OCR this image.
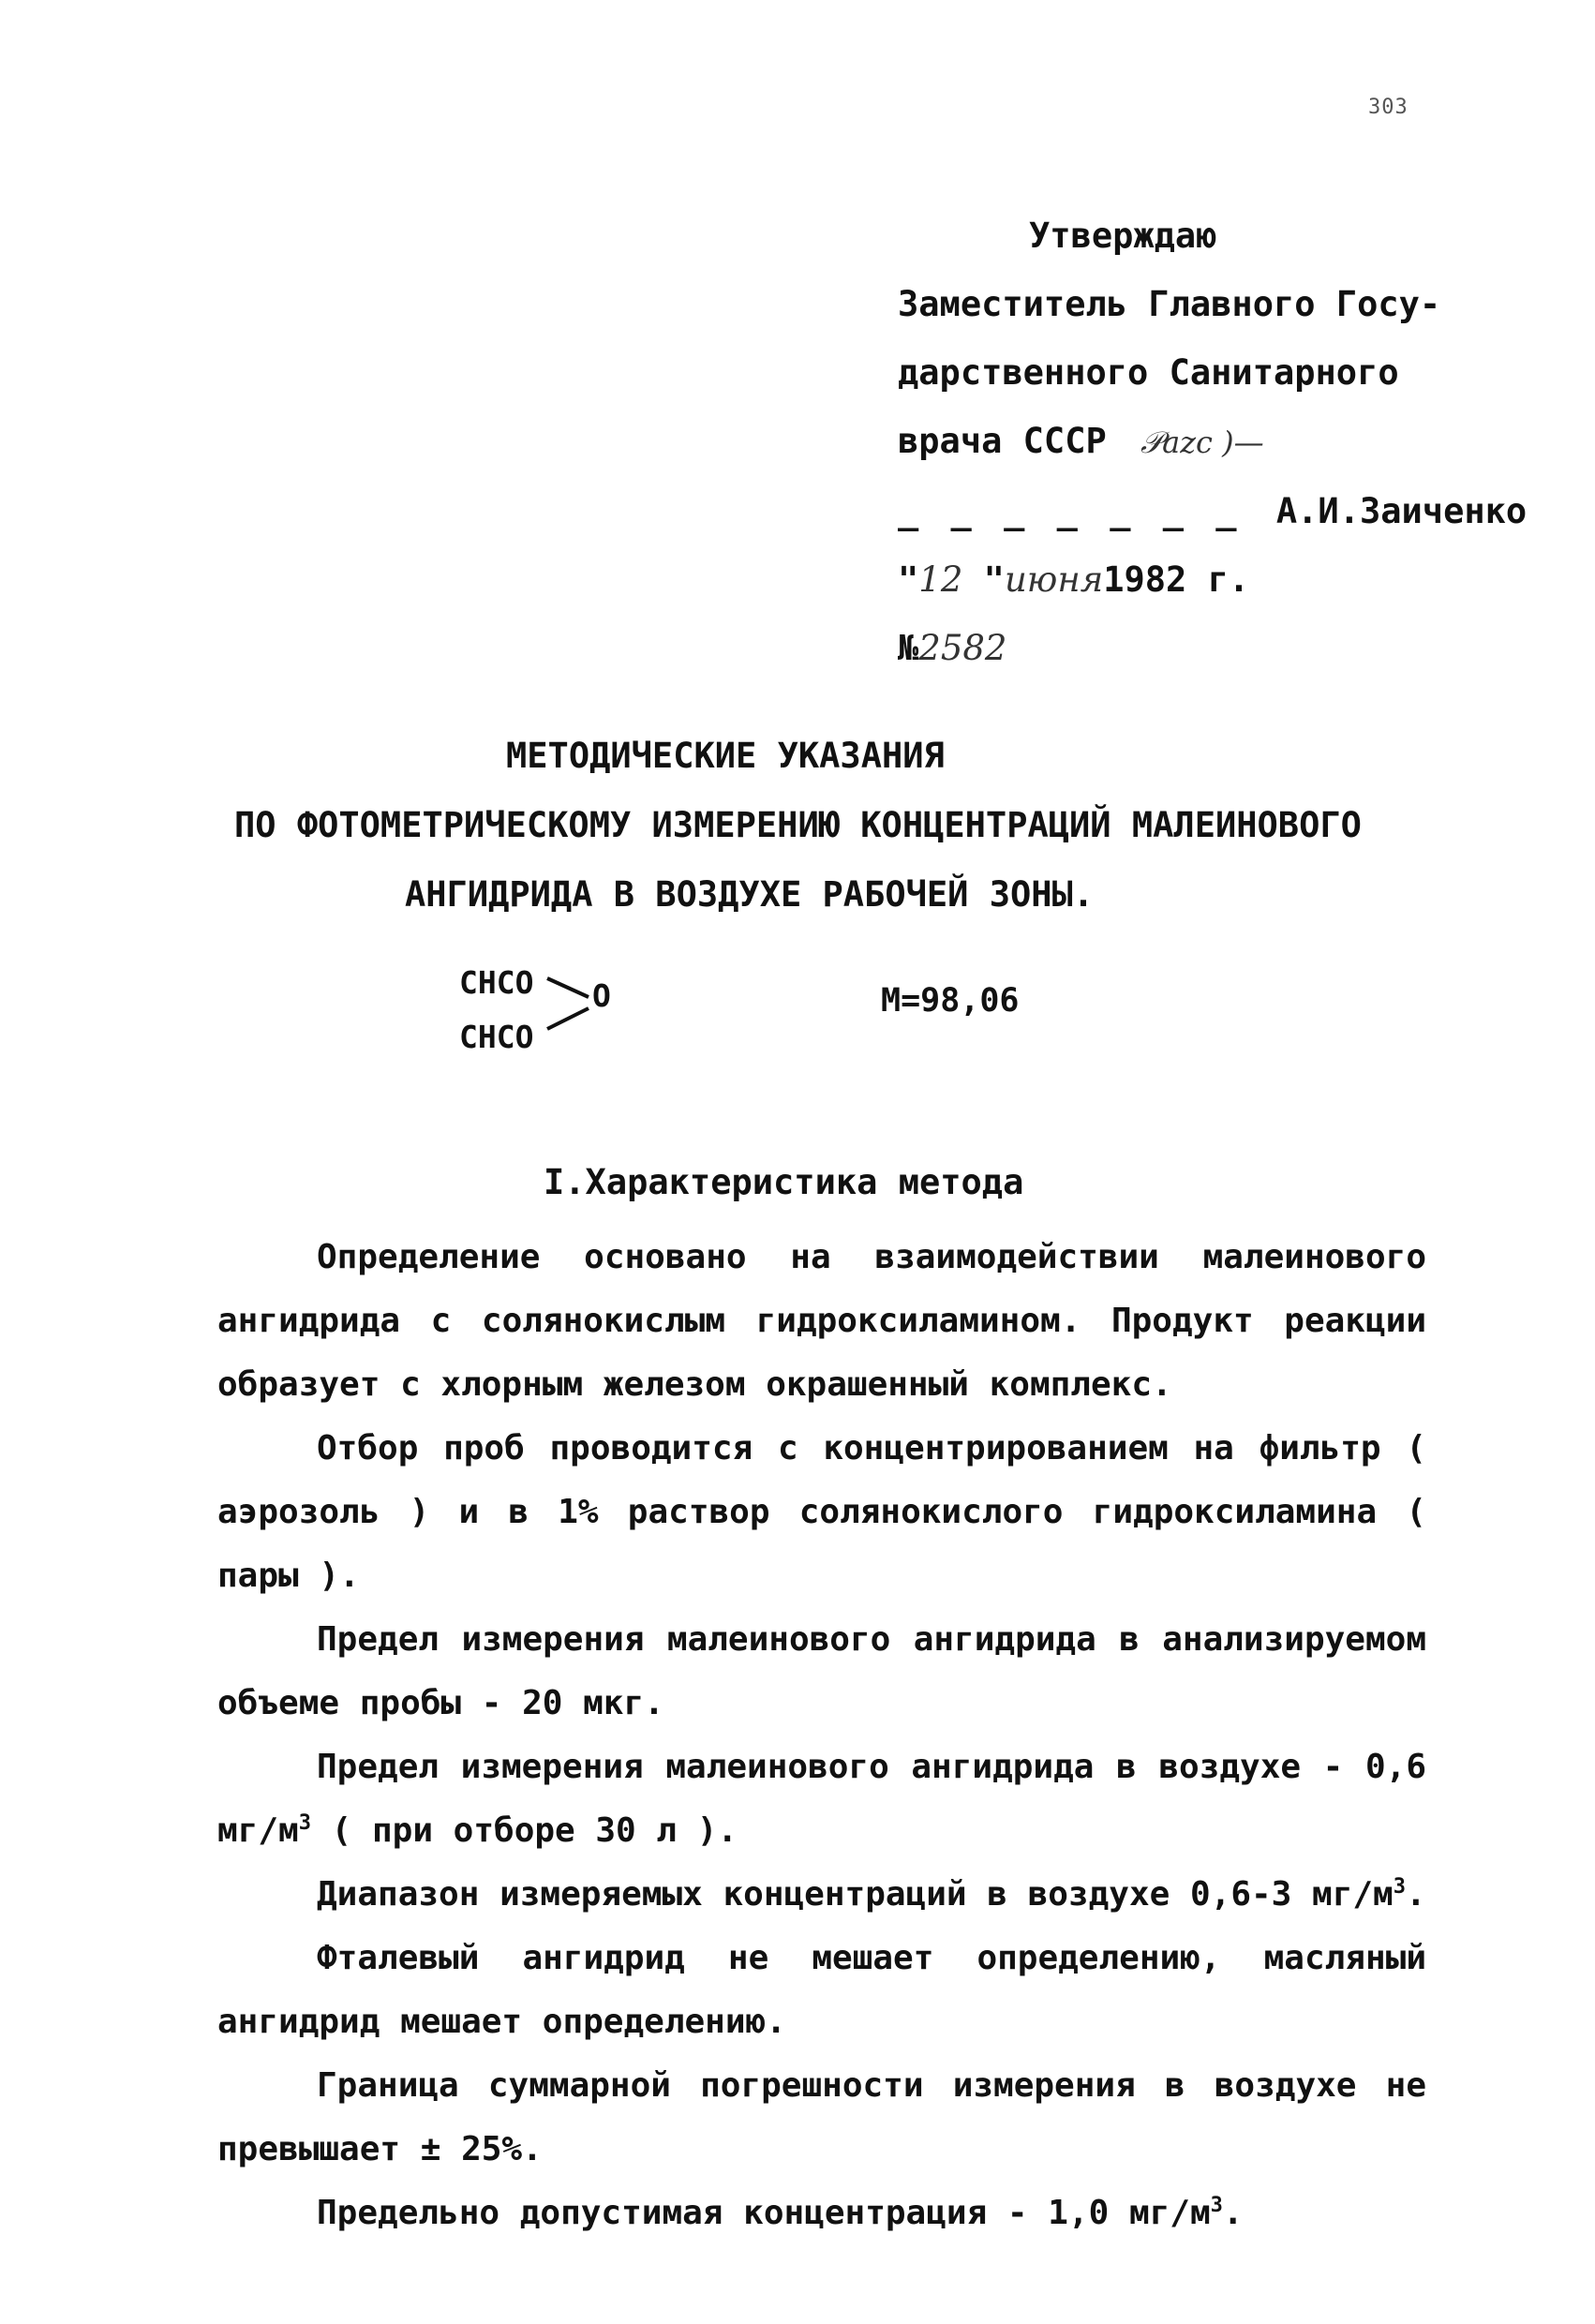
303
Утверждаю
Заместитель Главного Госу-
дарственного Санитарного
врача СССР 𝒫𝑎𝑧𝑐 )—
_ _ _ _ _ _ _ А.И.Заиченко
"12 "июня1982 г.
№2582
МЕТОДИЧЕСКИЕ УКАЗАНИЯ
ПО ФОТОМЕТРИЧЕСКОМУ ИЗМЕРЕНИЮ КОНЦЕНТРАЦИЙ МАЛЕИНОВОГО
АНГИДРИДА В ВОЗДУХЕ РАБОЧЕЙ ЗОНЫ.
CHCO
CHCO
O	M=98,06
I.Характеристика метода

Определение основано на взаимодействии малеинового ангидрида с солянокислым гидроксиламином. Продукт реакции образует с хлорным железом окрашенный комплекс.

Отбор проб проводится с концентрированием на фильтр ( аэрозоль ) и в 1% раствор солянокислого гидроксиламина ( пары ).

Предел измерения малеинового ангидрида в анализируемом объеме пробы - 20 мкг.

Предел измерения малеинового ангидрида в воздухе - 0,6 $мг/м^3$ ( при отборе 30 л ).

Диапазон измеряемых концентраций в воздухе 0,6-3 $мг/м^3$.

Фталевый ангидрид не мешает определению, масляный ангидрид мешает определению.

Граница суммарной погрешности измерения в воздухе не превышает ± 25%.

Предельно допустимая концентрация - 1,0 $мг/м^3$.
